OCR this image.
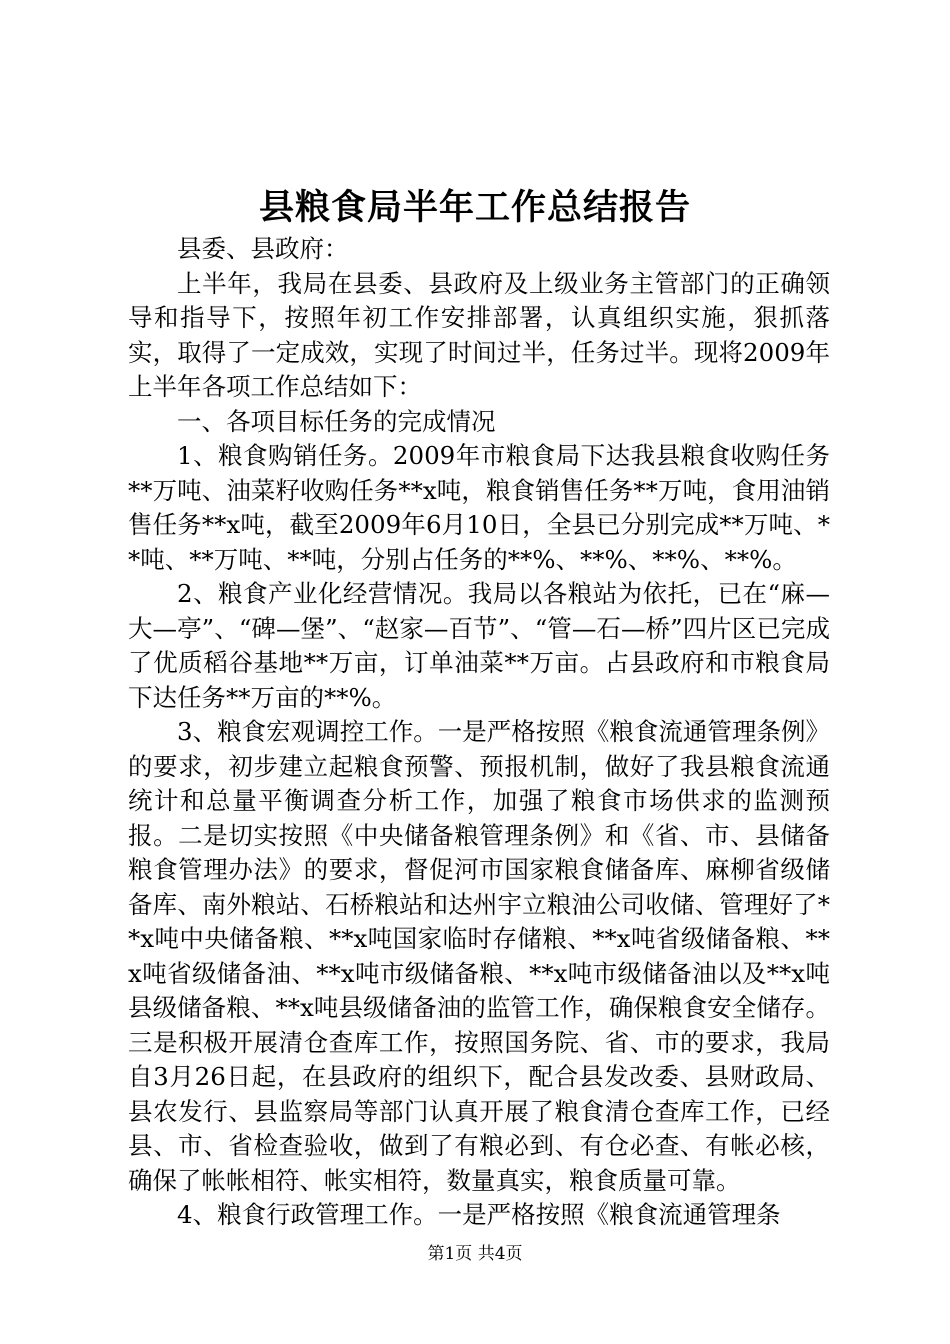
县粮食局半年工作总结报告

县委、县政府：

上半年，我局在县委、县政府及上级业务主管部门的正确领导和指导下，按照年初工作安排部署，认真组织实施，狠抓落实，取得了一定成效，实现了时间过半，任务过半。现将2009年上半年各项工作总结如下：

一、各项目标任务的完成情况

1、粮食购销任务。2009年市粮食局下达我县粮食收购任务**万吨、油菜籽收购任务**x吨，粮食销售任务**万吨，食用油销售任务**x吨，截至2009年6月10日，全县已分别完成**万吨、**吨、**万吨、**吨，分别占任务的**%、**%、**%、**%。

2、粮食产业化经营情况。我局以各粮站为依托，已在“麻—大—亭”、“碑—堡”、“赵家—百节”、“管—石—桥”四片区已完成了优质稻谷基地**万亩，订单油菜**万亩。占县政府和市粮食局下达任务**万亩的**%。

3、粮食宏观调控工作。一是严格按照《粮食流通管理条例》的要求，初步建立起粮食预警、预报机制，做好了我县粮食流通统计和总量平衡调查分析工作，加强了粮食市场供求的监测预报。二是切实按照《中央储备粮管理条例》和《省、市、县储备粮食管理办法》的要求，督促河市国家粮食储备库、麻柳省级储备库、南外粮站、石桥粮站和达州宇立粮油公司收储、管理好了**x吨中央储备粮、**x吨国家临时存储粮、**x吨省级储备粮、**x吨省级储备油、**x吨市级储备粮、**x吨市级储备油以及**x吨县级储备粮、**x吨县级储备油的监管工作，确保粮食安全储存。三是积极开展清仓查库工作，按照国务院、省、市的要求，我局自3月26日起，在县政府的组织下，配合县发改委、县财政局、县农发行、县监察局等部门认真开展了粮食清仓查库工作，已经县、市、省检查验收，做到了有粮必到、有仓必查、有帐必核，确保了帐帐相符、帐实相符，数量真实，粮食质量可靠。

4、粮食行政管理工作。一是严格按照《粮食流通管理条

第1页 共4页
